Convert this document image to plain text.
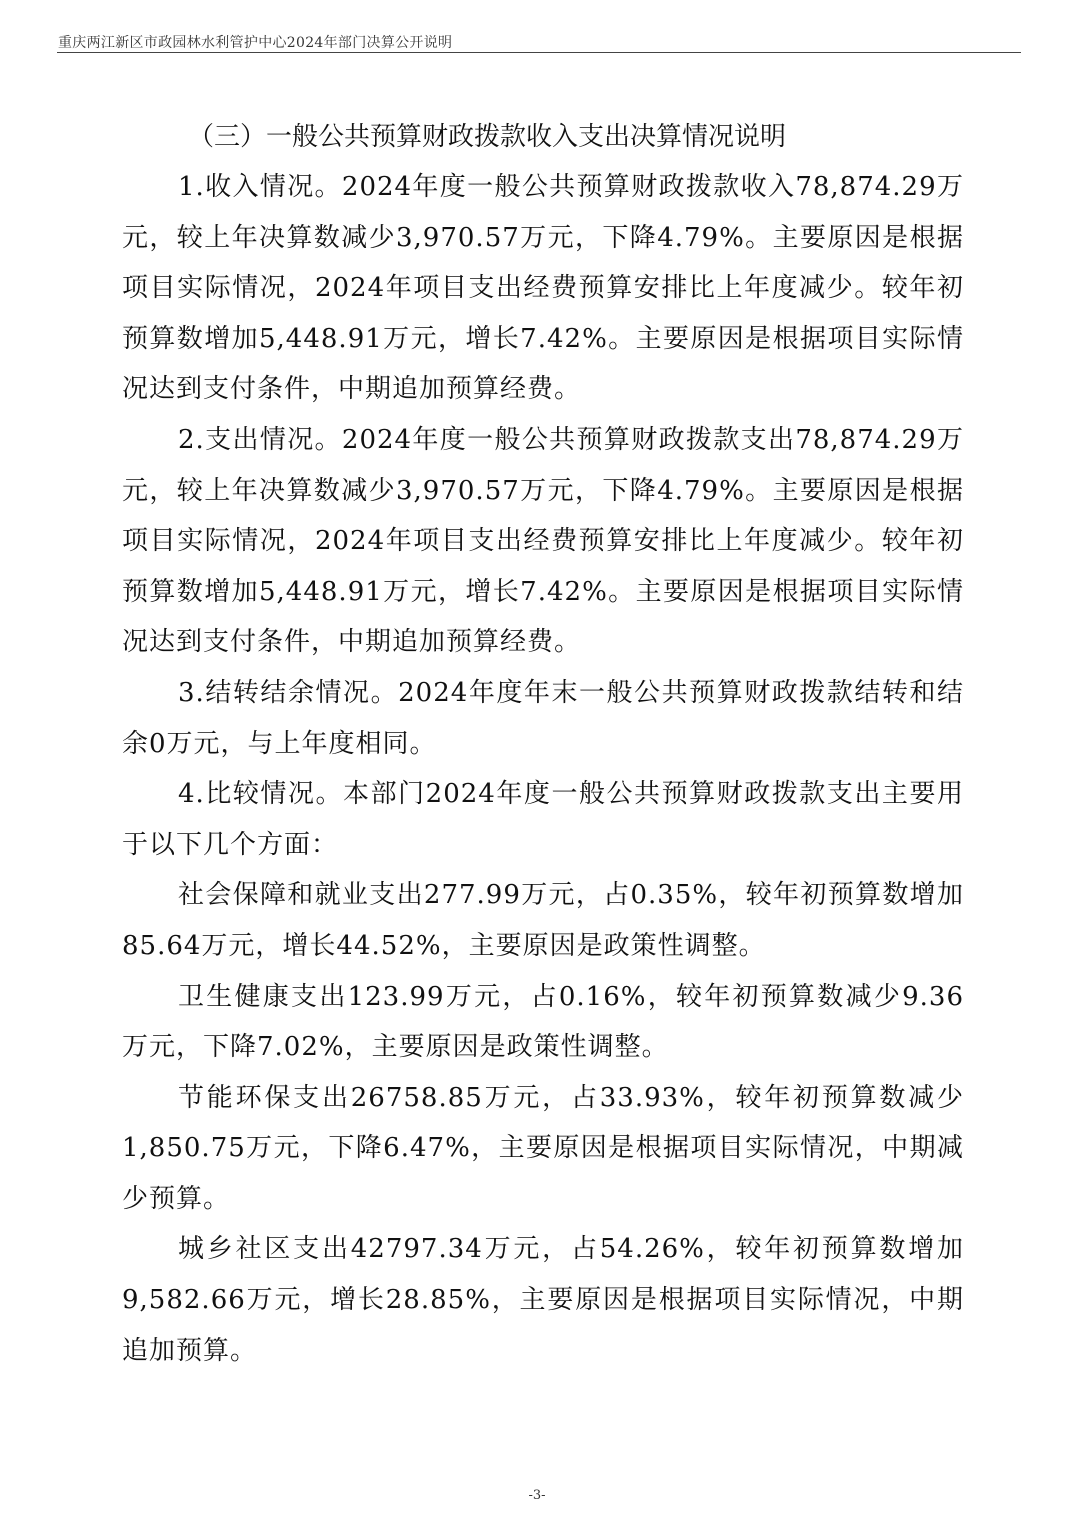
重庆两江新区市政园林水利管护中心2024年部门决算公开说明

（三）一般公共预算财政拨款收入支出决算情况说明

1.收入情况。2024年度一般公共预算财政拨款收入78,874.29万元，较上年决算数减少3,970.57万元，下降4.79%。主要原因是根据项目实际情况，2024年项目支出经费预算安排比上年度减少。较年初预算数增加5,448.91万元，增长7.42%。主要原因是根据项目实际情况达到支付条件，中期追加预算经费。

2.支出情况。2024年度一般公共预算财政拨款支出78,874.29万元，较上年决算数减少3,970.57万元，下降4.79%。主要原因是根据项目实际情况，2024年项目支出经费预算安排比上年度减少。较年初预算数增加5,448.91万元，增长7.42%。主要原因是根据项目实际情况达到支付条件，中期追加预算经费。

3.结转结余情况。2024年度年末一般公共预算财政拨款结转和结余0万元，与上年度相同。

4.比较情况。本部门2024年度一般公共预算财政拨款支出主要用于以下几个方面：

社会保障和就业支出277.99万元，占0.35%，较年初预算数增加85.64万元，增长44.52%，主要原因是政策性调整。

卫生健康支出123.99万元，占0.16%，较年初预算数减少9.36万元，下降7.02%，主要原因是政策性调整。

节能环保支出26758.85万元，占33.93%，较年初预算数减少1,850.75万元，下降6.47%，主要原因是根据项目实际情况，中期减少预算。

城乡社区支出42797.34万元，占54.26%，较年初预算数增加9,582.66万元，增长28.85%，主要原因是根据项目实际情况，中期追加预算。

-3-
